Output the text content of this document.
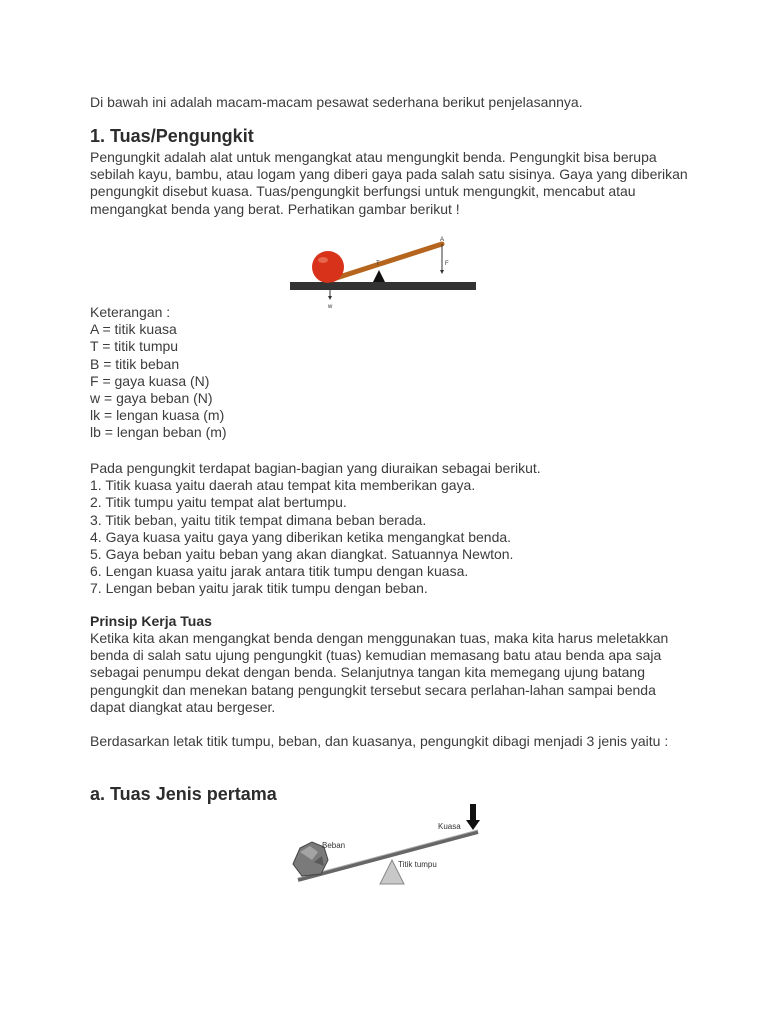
Di bawah ini adalah macam-macam pesawat sederhana berikut penjelasannya.

1. Tuas/Pengungkit

Pengungkit adalah alat untuk mengangkat atau mengungkit benda. Pengungkit bisa berupa sebilah kayu, bambu, atau logam yang diberi gaya pada salah satu sisinya. Gaya yang diberikan pengungkit disebut kuasa. Tuas/pengungkit berfungsi untuk mengungkit, mencabut atau mengangkat benda yang berat. Perhatikan gambar berikut !

A
T	F
w
Keterangan :
A = titik kuasa
T = titik tumpu
B = titik beban
F = gaya kuasa (N)
w = gaya beban (N)
lk = lengan kuasa (m)
lb = lengan beban (m)
Pada pengungkit terdapat bagian-bagian yang diuraikan sebagai berikut.
1. Titik kuasa yaitu daerah atau tempat kita memberikan gaya.
2. Titik tumpu yaitu tempat alat bertumpu.
3. Titik beban, yaitu titik tempat dimana beban berada.
4. Gaya kuasa yaitu gaya yang diberikan ketika mengangkat benda.
5. Gaya beban yaitu beban yang akan diangkat. Satuannya Newton.
6. Lengan kuasa yaitu jarak antara titik tumpu dengan kuasa.
7. Lengan beban yaitu jarak titik tumpu dengan beban.
Prinsip Kerja Tuas

Ketika kita akan mengangkat benda dengan menggunakan tuas, maka kita harus meletakkan benda di salah satu ujung pengungkit (tuas) kemudian memasang batu atau benda apa saja sebagai penumpu dekat dengan benda. Selanjutnya tangan kita memegang ujung batang pengungkit dan menekan batang pengungkit tersebut secara perlahan-lahan sampai benda dapat diangkat atau bergeser.

Berdasarkan letak titik tumpu, beban, dan kuasanya, pengungkit dibagi menjadi 3 jenis yaitu :

a. Tuas Jenis pertama
Beban
Kuasa
Titik tumpu
